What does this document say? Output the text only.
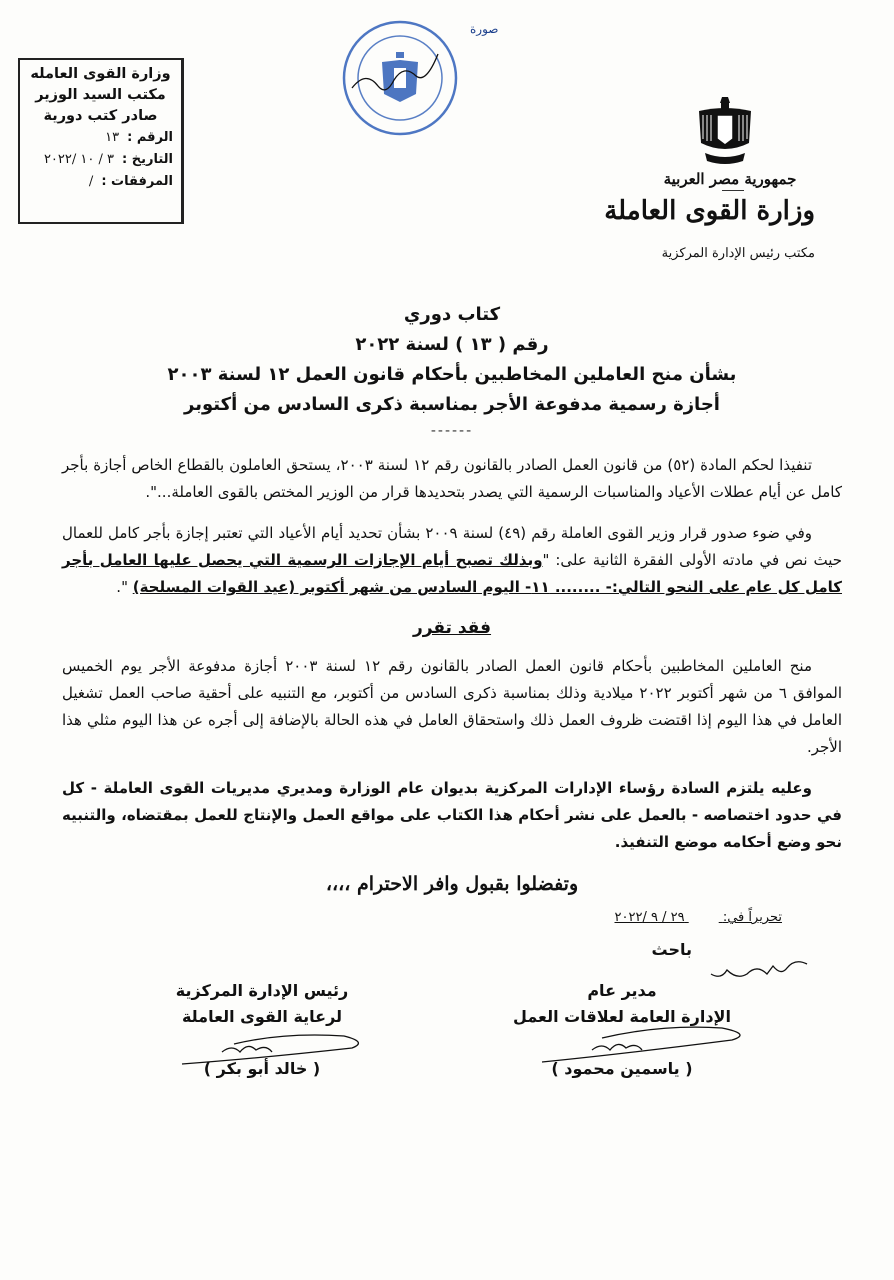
وزارة القوى العامله
مكتب السيد الوزير
صادر كتب دورية
الرقم :
١٣
التاريخ :
٣ / ١٠ /٢٠٢٢
المرفقات :
/
صورة
جمهورية مصر العربية
وزارة القوى العاملة
مكتب رئيس الإدارة المركزية
كتاب دوري
رقم ( ١٣ ) لسنة ٢٠٢٢
بشأن منح العاملين المخاطبين بأحكام قانون العمل ١٢ لسنة ٢٠٠٣
أجازة رسمية مدفوعة الأجر بمناسبة ذكرى السادس من أكتوبر
------

تنفيذا لحكم المادة (٥٢) من قانون العمل الصادر بالقانون رقم ١٢ لسنة ٢٠٠٣، يستحق العاملون بالقطاع الخاص أجازة بأجر كامل عن أيام عطلات الأعياد والمناسبات الرسمية التي يصدر بتحديدها قرار من الوزير المختص بالقوى العاملة...".

وفي ضوء صدور قرار وزير القوى العاملة رقم (٤٩) لسنة ٢٠٠٩ بشأن تحديد أيام الأعياد التي تعتبر إجازة بأجر كامل للعمال حيث نص في مادته الأولى الفقرة الثانية على: "وبذلك تصبح أيام الإجازات الرسمية التي يحصل عليها العامل بأجر كامل كل عام على النحو التالي:- ........ ١١- اليوم السادس من شهر أكتوبر (عيد القوات المسلحة) ".

فقد تقرر

منح العاملين المخاطبين بأحكام قانون العمل الصادر بالقانون رقم ١٢ لسنة ٢٠٠٣ أجازة مدفوعة الأجر يوم الخميس الموافق ٦ من شهر أكتوبر ٢٠٢٢ ميلادية وذلك بمناسبة ذكرى السادس من أكتوبر، مع التنبيه على أحقية صاحب العمل تشغيل العامل في هذا اليوم إذا اقتضت ظروف العمل ذلك واستحقاق العامل في هذه الحالة بالإضافة إلى أجره عن هذا اليوم مثلي هذا الأجر.

وعليه يلتزم السادة رؤساء الإدارات المركزية بديوان عام الوزارة ومديري مديريات القوى العاملة - كل في حدود اختصاصه - بالعمل على نشر أحكام هذا الكتاب على مواقع العمل والإنتاج للعمل بمقتضاه، والتنبيه نحو وضع أحكامه موضع التنفيذ.

وتفضلوا بقبول وافر الاحترام ،،،،
تحريراً في:  ٢٩ / ٩ /٢٠٢٢
باحث
مدير عام
الإدارة العامة لعلاقات العمل
( ياسمين محمود )
رئيس الإدارة المركزية
لرعاية القوى العاملة
( خالد أبو بكر )
